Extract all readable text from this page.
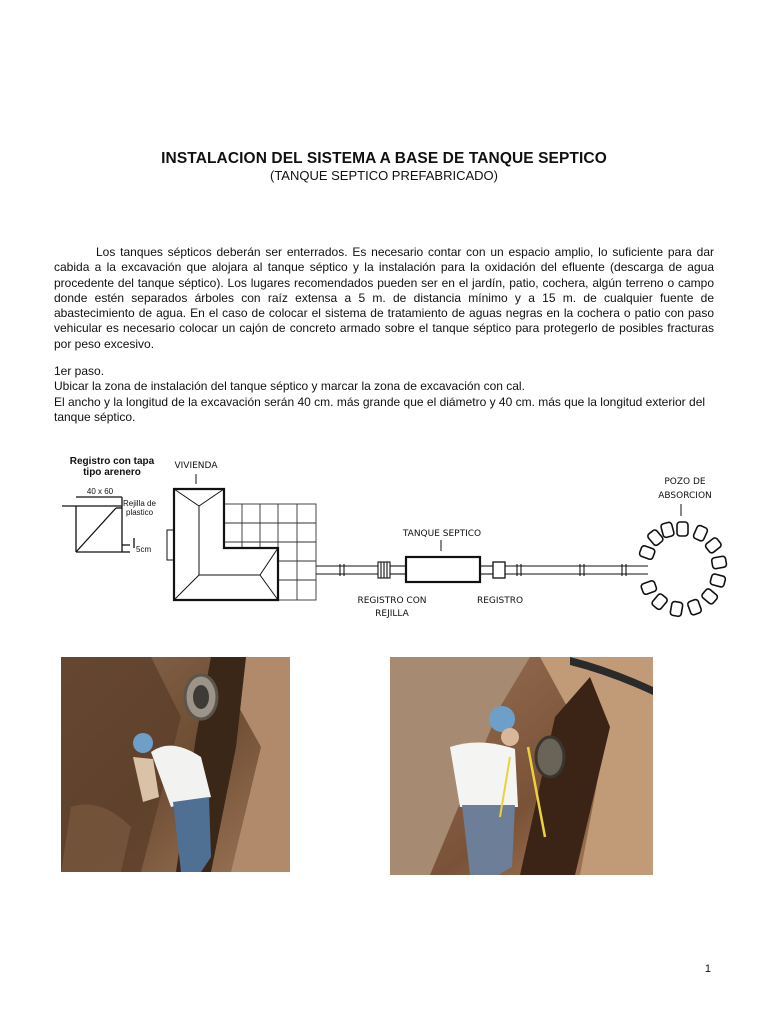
INSTALACION DEL SISTEMA A BASE DE TANQUE SEPTICO
(TANQUE SEPTICO PREFABRICADO)

Los tanques sépticos deberán ser enterrados. Es necesario contar con un espacio amplio, lo suficiente para dar cabida a la excavación que alojara al tanque séptico y la instalación para la oxidación del efluente (descarga de agua procedente del tanque séptico). Los lugares recomendados pueden ser en el jardín, patio, cochera, algún terreno o campo donde estén separados árboles con raíz extensa a 5 m. de distancia mínimo y a 15 m. de cualquier fuente de abastecimiento de agua. En el caso de colocar el sistema de tratamiento de aguas negras en la cochera o patio con paso vehicular es necesario colocar un cajón de concreto armado sobre el tanque séptico para protegerlo de posibles fracturas por peso excesivo.

1er paso.

Ubicar la zona de instalación del tanque séptico y marcar la zona de excavación con cal.

El ancho y la longitud de la excavación serán 40 cm. más grande que el diámetro y 40 cm. más que la longitud exterior del tanque séptico.

Registro con tapa
tipo arenero
40 x 60
Rejilla de
plastico
5cm
VIVIENDA
REGISTRO CON
REJILLA
TANQUE SEPTICO
REGISTRO
POZO DE
ABSORCION
1
